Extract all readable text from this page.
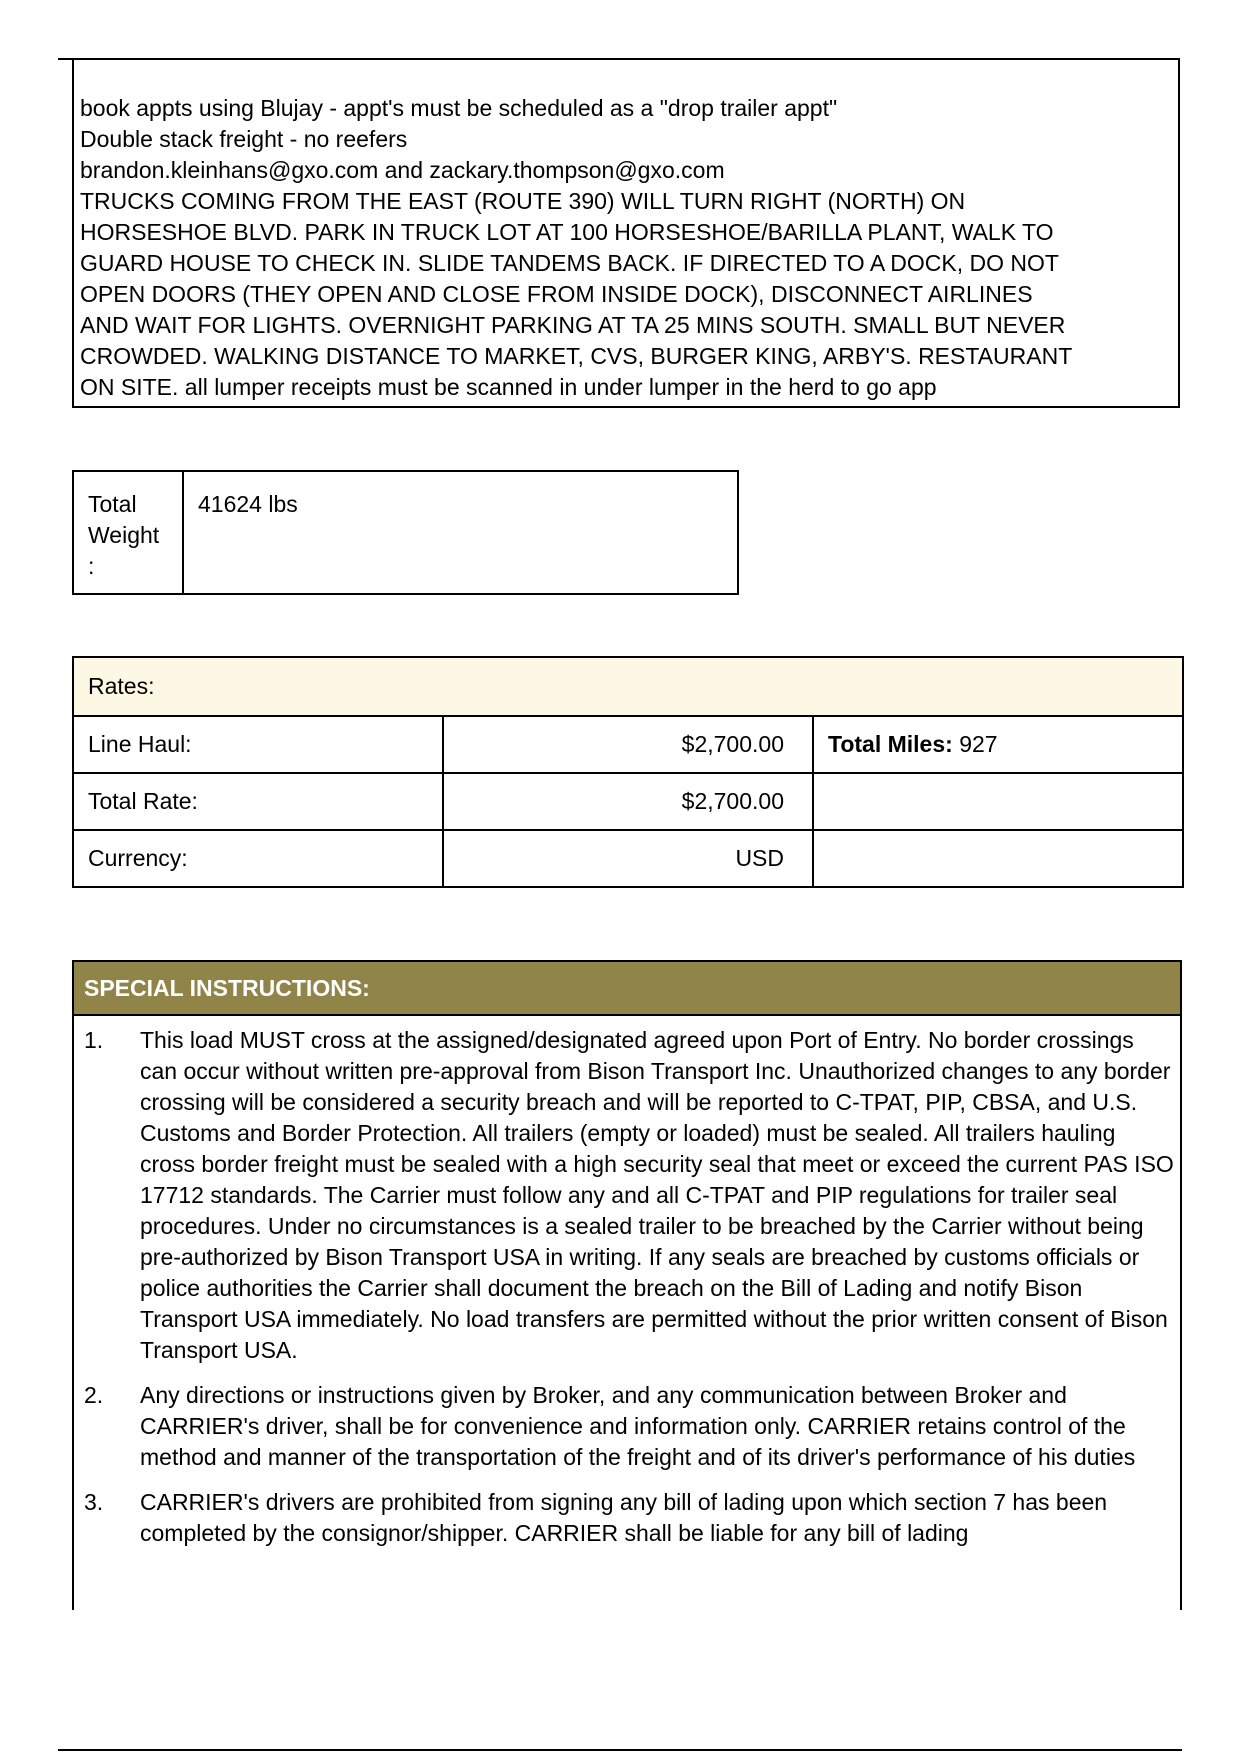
book appts using Blujay - appt's must be scheduled as a "drop trailer appt"
Double stack freight - no reefers
brandon.kleinhans@gxo.com and zackary.thompson@gxo.com
TRUCKS COMING FROM THE EAST (ROUTE 390) WILL TURN RIGHT (NORTH) ON
HORSESHOE BLVD. PARK IN TRUCK LOT AT 100 HORSESHOE/BARILLA PLANT, WALK TO
GUARD HOUSE TO CHECK IN. SLIDE TANDEMS BACK. IF DIRECTED TO A DOCK, DO NOT
OPEN DOORS (THEY OPEN AND CLOSE FROM INSIDE DOCK), DISCONNECT AIRLINES
AND WAIT FOR LIGHTS. OVERNIGHT PARKING AT TA 25 MINS SOUTH. SMALL BUT NEVER
CROWDED. WALKING DISTANCE TO MARKET, CVS, BURGER KING, ARBY'S. RESTAURANT
ON SITE. all lumper receipts must be scanned in under lumper in the herd to go app
Total Weight :
41624 lbs
Rates:		
Line Haul:	$2,700.00	Total Miles: 927
Total Rate:	$2,700.00	
Currency:	USD	
SPECIAL INSTRUCTIONS:
1.	This load MUST cross at the assigned/designated agreed upon Port of Entry. No border crossings can occur without written pre-approval from Bison Transport Inc. Unauthorized changes to any border crossing will be considered a security breach and will be reported to C-TPAT, PIP, CBSA, and U.S. Customs and Border Protection. All trailers (empty or loaded) must be sealed. All trailers hauling cross border freight must be sealed with a high security seal that meet or exceed the current PAS ISO 17712 standards. The Carrier must follow any and all C-TPAT and PIP regulations for trailer seal procedures. Under no circumstances is a sealed trailer to be breached by the Carrier without being pre-authorized by Bison Transport USA in writing. If any seals are breached by customs officials or police authorities the Carrier shall document the breach on the Bill of Lading and notify Bison Transport USA immediately. No load transfers are permitted without the prior written consent of Bison Transport USA.
2.	Any directions or instructions given by Broker, and any communication between Broker and CARRIER's driver, shall be for convenience and information only. CARRIER retains control of the method and manner of the transportation of the freight and of its driver's performance of his duties
3.	CARRIER's drivers are prohibited from signing any bill of lading upon which section 7 has been completed by the consignor/shipper. CARRIER shall be liable for any bill of lading
